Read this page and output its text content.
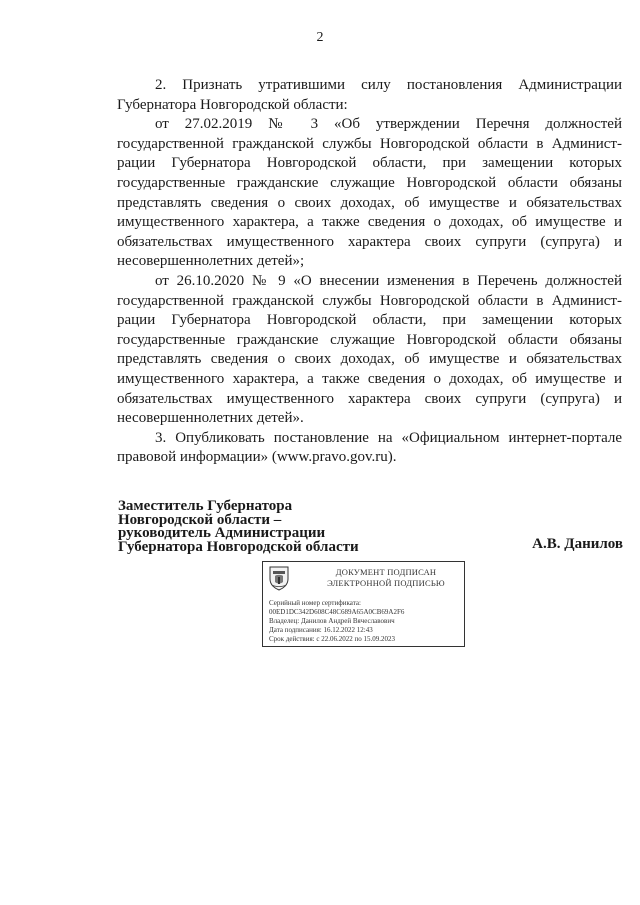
2

2. Признать утратившими силу постановления Администрации Губернатора Новгородской области:

от 27.02.2019 № 3 «Об утверждении Перечня должностей государственной гражданской службы Новгородской области в Администрации Губернатора Новгородской области, при замещении которых государственные гражданские служащие Новгородской области обязаны представлять сведения о своих доходах, об имуществе и обязательствах имущественного характера, а также сведения о доходах, об имуществе и обязательствах имущественного характера своих супруги (супруга) и несовершеннолетних детей»;

от 26.10.2020 № 9 «О внесении изменения в Перечень должностей государственной гражданской службы Новгородской области в Администрации Губернатора Новгородской области, при замещении которых государственные гражданские служащие Новгородской области обязаны представлять сведения о своих доходах, об имуществе и обязательствах имущественного характера, а также сведения о доходах, об имуществе и обязательствах имущественного характера своих супруги (супруга) и несовершеннолетних детей».

3. Опубликовать постановление на «Официальном интернет-портале правовой информации» (www.pravo.gov.ru).

Заместитель Губернатора
Новгородской области –
руководитель Администрации
Губернатора Новгородской области	А.В. Данилов
ДОКУМЕНТ ПОДПИСАН
ЭЛЕКТРОННОЙ ПОДПИСЬЮ
Серийный номер сертификата:
00ED1DC342D608C48C689A65A0CB69A2F6
Владелец: Данилов Андрей Вячеславович
Дата подписания: 16.12.2022 12:43
Срок действия: с 22.06.2022 по 15.09.2023
